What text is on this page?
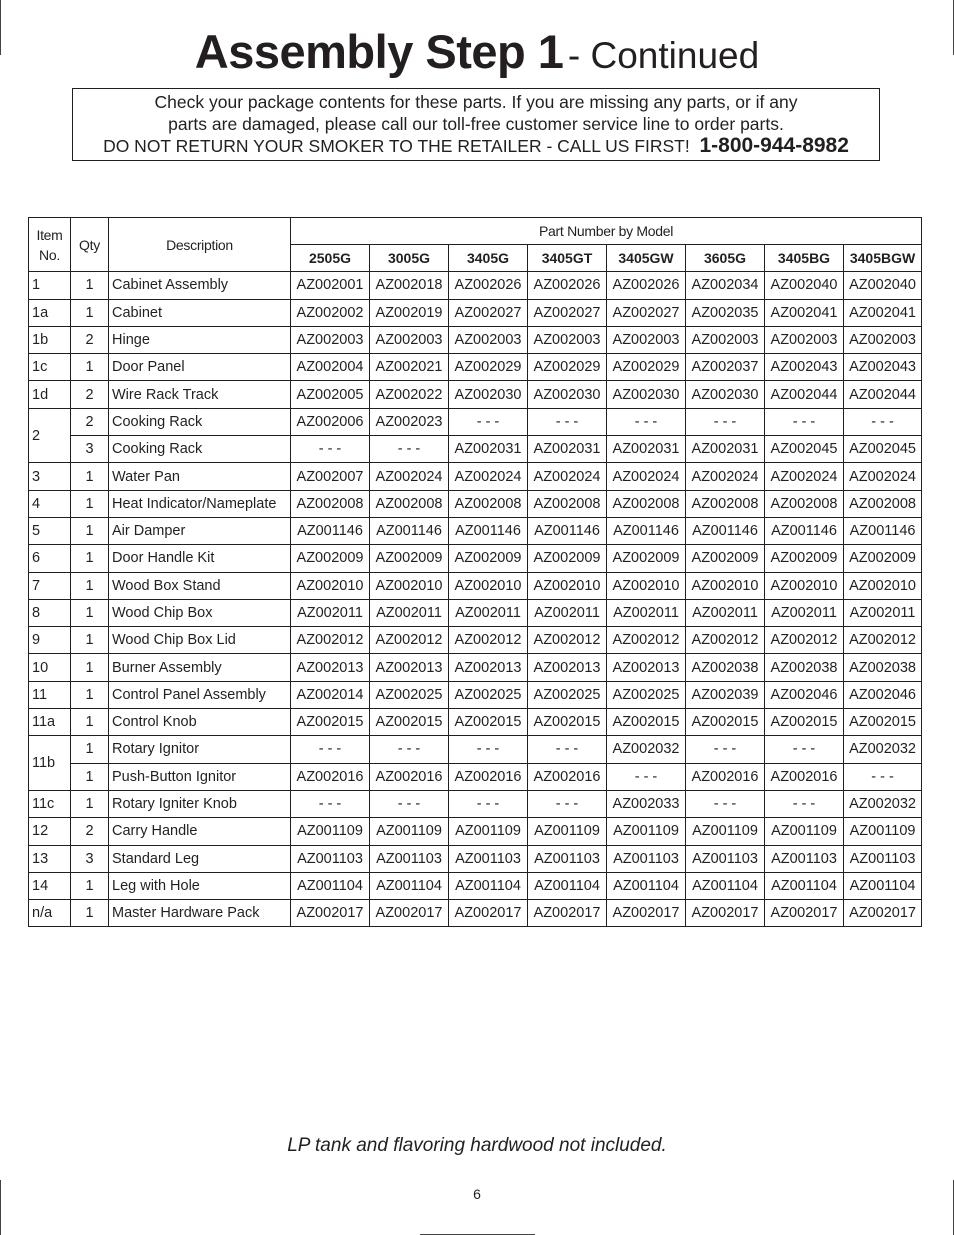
Assembly Step 1 - Continued
Check your package contents for these parts. If you are missing any parts, or if any
parts are damaged, please call our toll-free customer service line to order parts.
DO NOT RETURN YOUR SMOKER TO THE RETAILER - CALL US FIRST! 1-800-944-8982
Item No.	Qty	Description	Part Number by Model							
			2505G	3005G	3405G	3405GT	3405GW	3605G	3405BG	3405BGW
1	1	Cabinet Assembly	AZ002001	AZ002018	AZ002026	AZ002026	AZ002026	AZ002034	AZ002040	AZ002040
1a	1	Cabinet	AZ002002	AZ002019	AZ002027	AZ002027	AZ002027	AZ002035	AZ002041	AZ002041
1b	2	Hinge	AZ002003	AZ002003	AZ002003	AZ002003	AZ002003	AZ002003	AZ002003	AZ002003
1c	1	Door Panel	AZ002004	AZ002021	AZ002029	AZ002029	AZ002029	AZ002037	AZ002043	AZ002043
1d	2	Wire Rack Track	AZ002005	AZ002022	AZ002030	AZ002030	AZ002030	AZ002030	AZ002044	AZ002044
2	2	Cooking Rack	AZ002006	AZ002023	- - -	- - -	- - -	- - -	- - -	- - -
	3	Cooking Rack	- - -	- - -	AZ002031	AZ002031	AZ002031	AZ002031	AZ002045	AZ002045
3	1	Water Pan	AZ002007	AZ002024	AZ002024	AZ002024	AZ002024	AZ002024	AZ002024	AZ002024
4	1	Heat Indicator/Nameplate	AZ002008	AZ002008	AZ002008	AZ002008	AZ002008	AZ002008	AZ002008	AZ002008
5	1	Air Damper	AZ001146	AZ001146	AZ001146	AZ001146	AZ001146	AZ001146	AZ001146	AZ001146
6	1	Door Handle Kit	AZ002009	AZ002009	AZ002009	AZ002009	AZ002009	AZ002009	AZ002009	AZ002009
7	1	Wood Box Stand	AZ002010	AZ002010	AZ002010	AZ002010	AZ002010	AZ002010	AZ002010	AZ002010
8	1	Wood Chip Box	AZ002011	AZ002011	AZ002011	AZ002011	AZ002011	AZ002011	AZ002011	AZ002011
9	1	Wood Chip Box Lid	AZ002012	AZ002012	AZ002012	AZ002012	AZ002012	AZ002012	AZ002012	AZ002012
10	1	Burner Assembly	AZ002013	AZ002013	AZ002013	AZ002013	AZ002013	AZ002038	AZ002038	AZ002038
11	1	Control Panel Assembly	AZ002014	AZ002025	AZ002025	AZ002025	AZ002025	AZ002039	AZ002046	AZ002046
11a	1	Control Knob	AZ002015	AZ002015	AZ002015	AZ002015	AZ002015	AZ002015	AZ002015	AZ002015
11b	1	Rotary Ignitor	- - -	- - -	- - -	- - -	AZ002032	- - -	- - -	AZ002032
	1	Push-Button Ignitor	AZ002016	AZ002016	AZ002016	AZ002016	- - -	AZ002016	AZ002016	- - -
11c	1	Rotary Igniter Knob	- - -	- - -	- - -	- - -	AZ002033	- - -	- - -	AZ002032
12	2	Carry Handle	AZ001109	AZ001109	AZ001109	AZ001109	AZ001109	AZ001109	AZ001109	AZ001109
13	3	Standard Leg	AZ001103	AZ001103	AZ001103	AZ001103	AZ001103	AZ001103	AZ001103	AZ001103
14	1	Leg with Hole	AZ001104	AZ001104	AZ001104	AZ001104	AZ001104	AZ001104	AZ001104	AZ001104
n/a	1	Master Hardware Pack	AZ002017	AZ002017	AZ002017	AZ002017	AZ002017	AZ002017	AZ002017	AZ002017
LP tank and flavoring hardwood not included.
6
